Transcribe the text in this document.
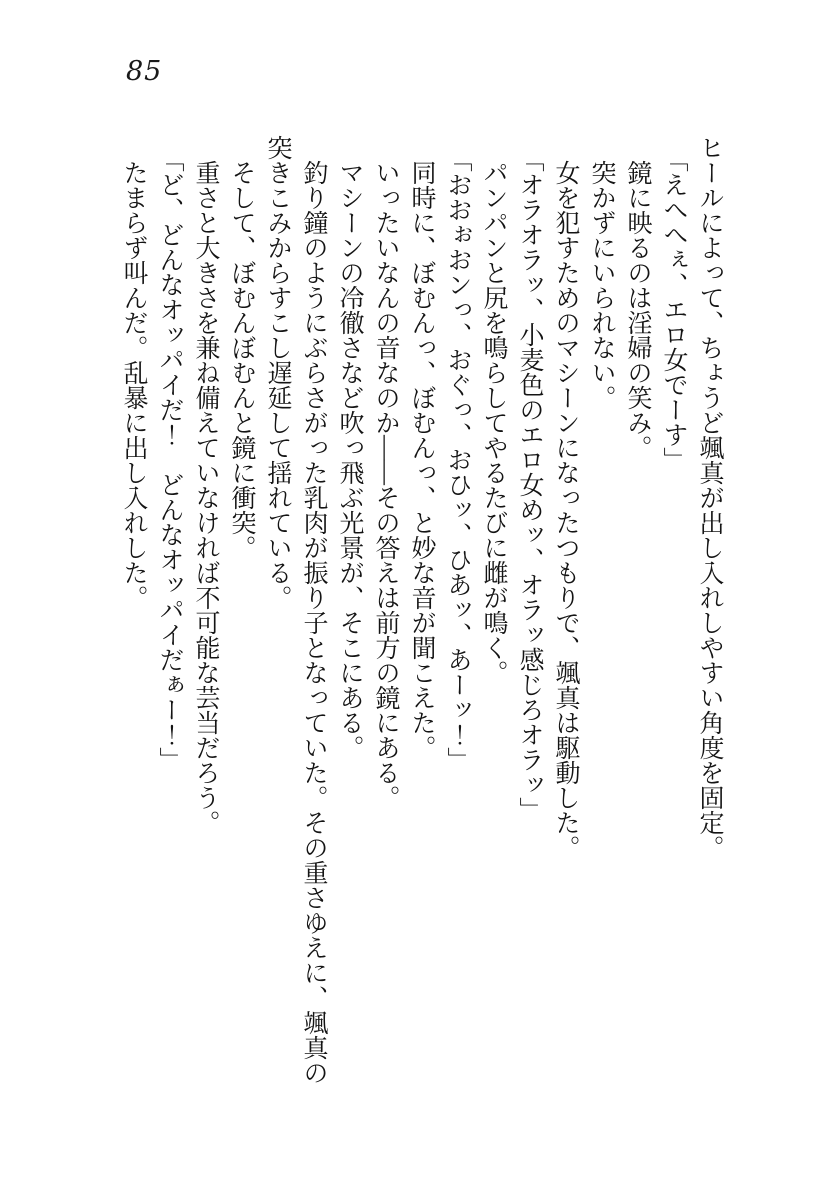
85

ヒールによって、ちょうど颯真が出し入れしやすい角度を固定。

「えへへぇ、エロ女でーす」

鏡に映るのは淫婦の笑み。

突かずにいられない。

女を犯すためのマシーンになったつもりで、颯真は駆動した。

「オラオラッ、小麦色のエロ女めッ、オラッ感じろオラッ」

パンパンと尻を鳴らしてやるたびに雌が鳴く。

「おおぉおンっ、おぐっ、おひッ、ひあッ、あーッ！」

同時に、ぼむんっ、ぼむんっ、と妙な音が聞こえた。

いったいなんの音なのか――その答えは前方の鏡にある。

マシーンの冷徹さなど吹っ飛ぶ光景が、そこにある。

釣り鐘のようにぶらさがった乳肉が振り子となっていた。その重さゆえに、颯真の

突きこみからすこし遅延して揺れている。

そして、ぼむんぼむんと鏡に衝突。

重さと大きさを兼ね備えていなければ不可能な芸当だろう。

「ど、どんなオッパイだ！　どんなオッパイだぁー！」

たまらず叫んだ。乱暴に出し入れした。
